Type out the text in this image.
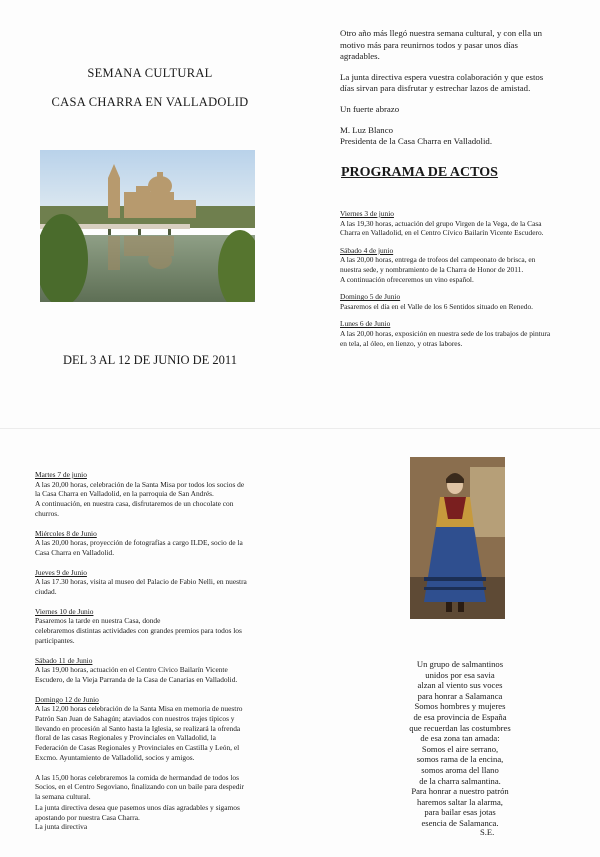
SEMANA CULTURAL
CASA CHARRA EN VALLADOLID
DEL 3 AL 12 DE JUNIO DE 2011
Otro año más llegó nuestra semana cultural, y con ella un
motivo más para reunirnos todos y pasar unos días
agradables.
La junta directiva espera vuestra colaboración y que estos
días sirvan para disfrutar y estrechar lazos de amistad.
Un fuerte abrazo
M. Luz Blanco
Presidenta de la Casa Charra en Valladolid.
PROGRAMA DE ACTOS
Viernes 3 de junio
A las 19,30 horas, actuación del grupo Virgen de la Vega, de la Casa
Charra en Valladolid, en el Centro Cívico Bailarín Vicente Escudero.
Sábado 4 de junio
A las 20,00 horas, entrega de trofeos del campeonato de brisca, en
nuestra sede, y nombramiento de la Charra de Honor de 2011.
A continuación ofreceremos un vino español.
Domingo 5 de Junio
Pasaremos el día en el Valle de los 6 Sentidos situado en Renedo.
Lunes 6 de Junio
A las 20,00 horas, exposición en nuestra sede de los trabajos de pintura
en tela, al óleo, en lienzo, y otras labores.
Martes 7 de junio
A las 20,00 horas, celebración de la Santa Misa por todos los socios de
la Casa Charra en Valladolid, en la parroquia de San Andrés.
A continuación, en nuestra casa, disfrutaremos de un chocolate con
churros.
Miércoles 8 de Junio
A las 20,00 horas, proyección de fotografías a cargo ILDE, socio de la
Casa Charra en Valladolid.
Jueves 9 de Junio
A las 17.30 horas, visita al museo del Palacio de Fabio Nelli, en nuestra
ciudad.
Viernes 10 de Junio
Pasaremos la tarde en nuestra Casa, donde
celebraremos distintas actividades con grandes premios para todos los
participantes.
Sábado 11 de Junio
A las 19,00 horas, actuación en el Centro Cívico Bailarín Vicente
Escudero, de la Vieja Parranda de la Casa de Canarias en Valladolid.
Domingo 12 de Junio
A las 12,00 horas celebración de la Santa Misa en memoria de nuestro
Patrón San Juan de Sahagún; ataviados con nuestros trajes típicos y
llevando en procesión al Santo hasta la Iglesia, se realizará la ofrenda
floral de las casas Regionales y Provinciales en Valladolid, la
Federación de Casas Regionales y Provinciales en Castilla y León, el
Excmo. Ayuntamiento de Valladolid, socios y amigos.
A las 15,00 horas celebraremos la comida de hermandad de todos los
Socios, en el Centro Segoviano, finalizando con un baile para despedir
la semana cultural.
La junta directiva desea que pasemos unos días agradables y sigamos
apostando por nuestra Casa Charra.
La junta directiva
Un grupo de salmantinos
unidos por esa savia
alzan al viento sus voces
para honrar a Salamanca
Somos hombres y mujeres
de esa provincia de España
que recuerdan las costumbres
de esa zona tan amada:
Somos el aire serrano,
somos rama de la encina,
somos aroma del llano
de la charra salmantina.
Para honrar a nuestro patrón
haremos saltar la alarma,
para bailar esas jotas
esencia de Salamanca.
S.E.
